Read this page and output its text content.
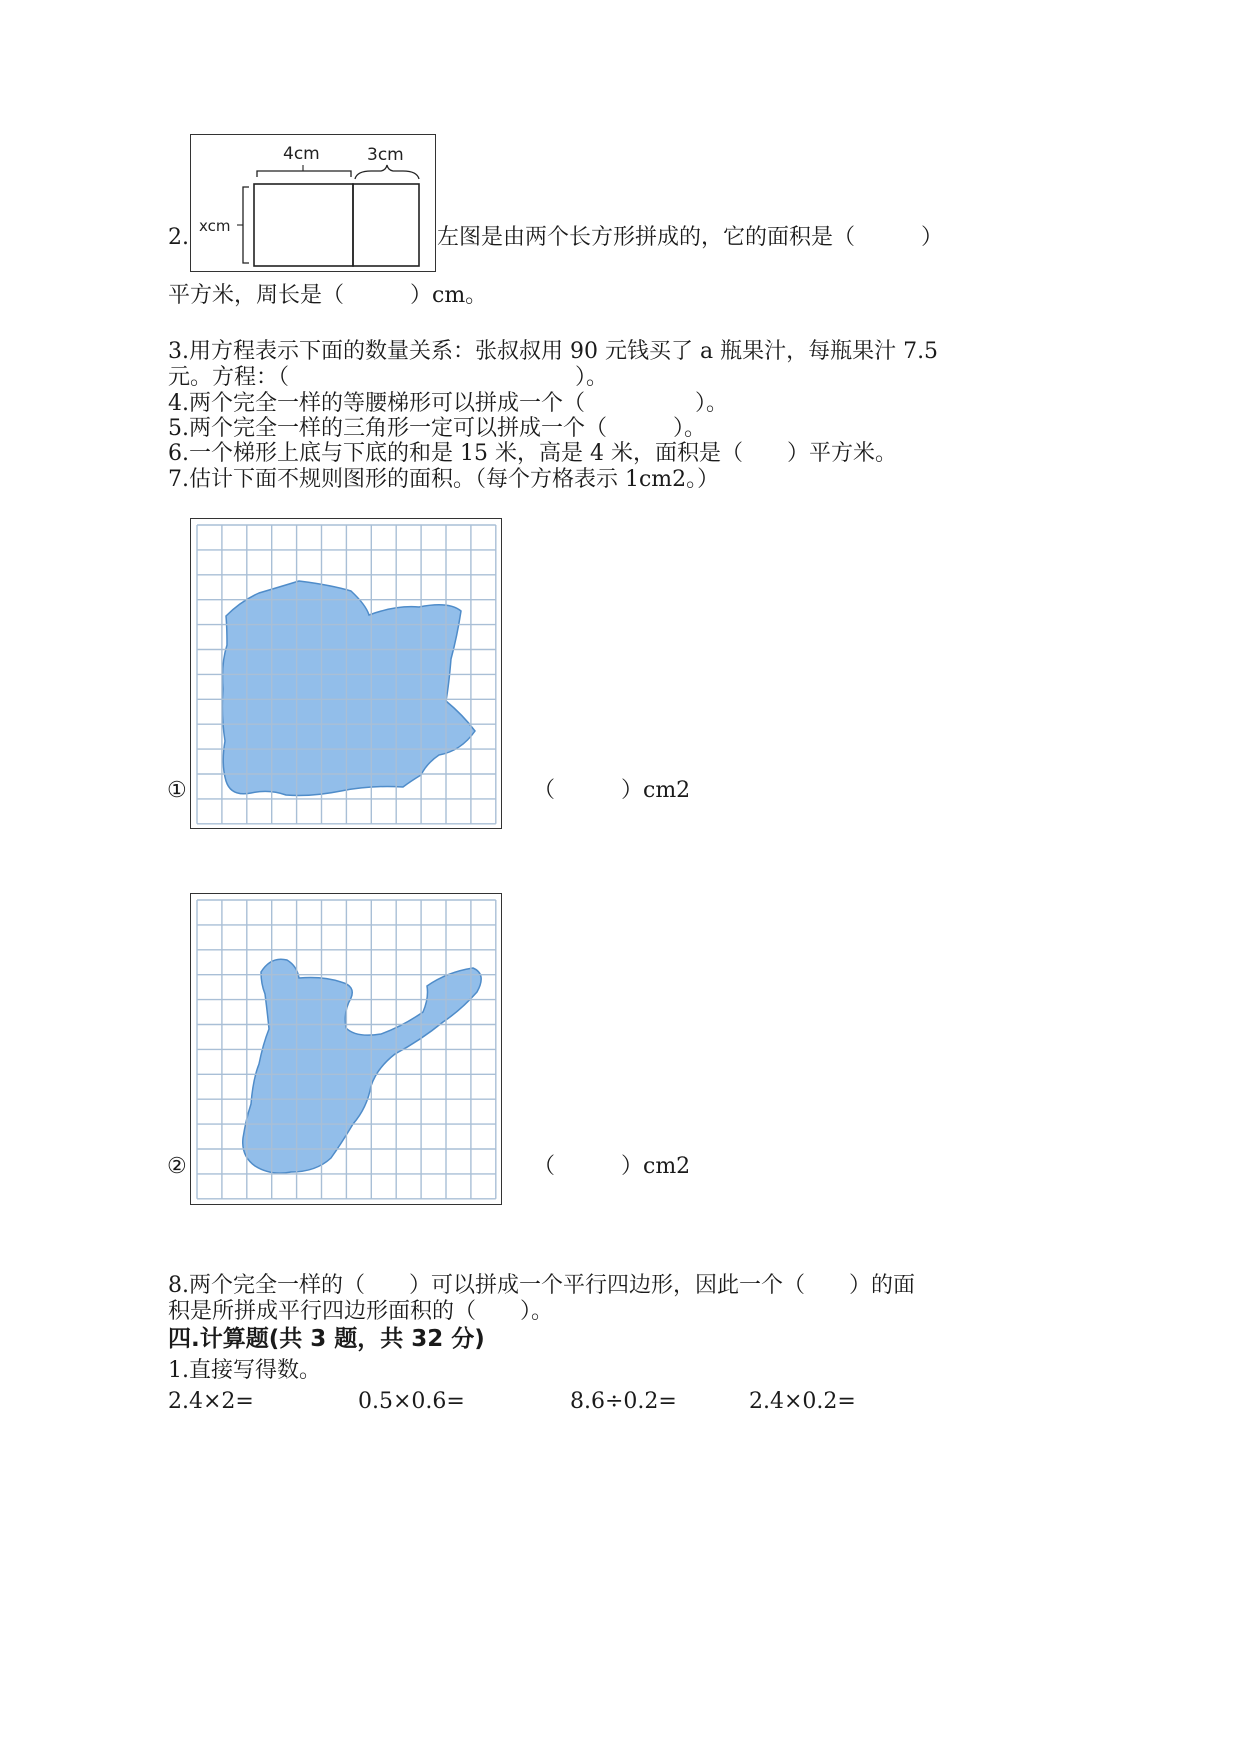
2.
4cm	3cm
xcm	左图是由两个长方形拼成的，它的面积是（　　　）
平方米，周长是（　　　）cm。
3.用方程表示下面的数量关系：张叔叔用 90 元钱买了 a 瓶果汁，每瓶果汁 7.5
元。方程：（　　　　　　　　　　　　　）。
4.两个完全一样的等腰梯形可以拼成一个（　　　　　）。
5.两个完全一样的三角形一定可以拼成一个（　　　）。
6.一个梯形上底与下底的和是 15 米，高是 4 米，面积是（　　）平方米。
7.估计下面不规则图形的面积。（每个方格表示 1cm2。）
①	（　　　）cm2
②	（　　　）cm2
8.两个完全一样的（　　）可以拼成一个平行四边形，因此一个（　　）的面
积是所拼成平行四边形面积的（　　）。
四.计算题(共 3 题，共 32 分)
1.直接写得数。
2.4×2=	0.5×0.6=	8.6÷0.2=	2.4×0.2=
